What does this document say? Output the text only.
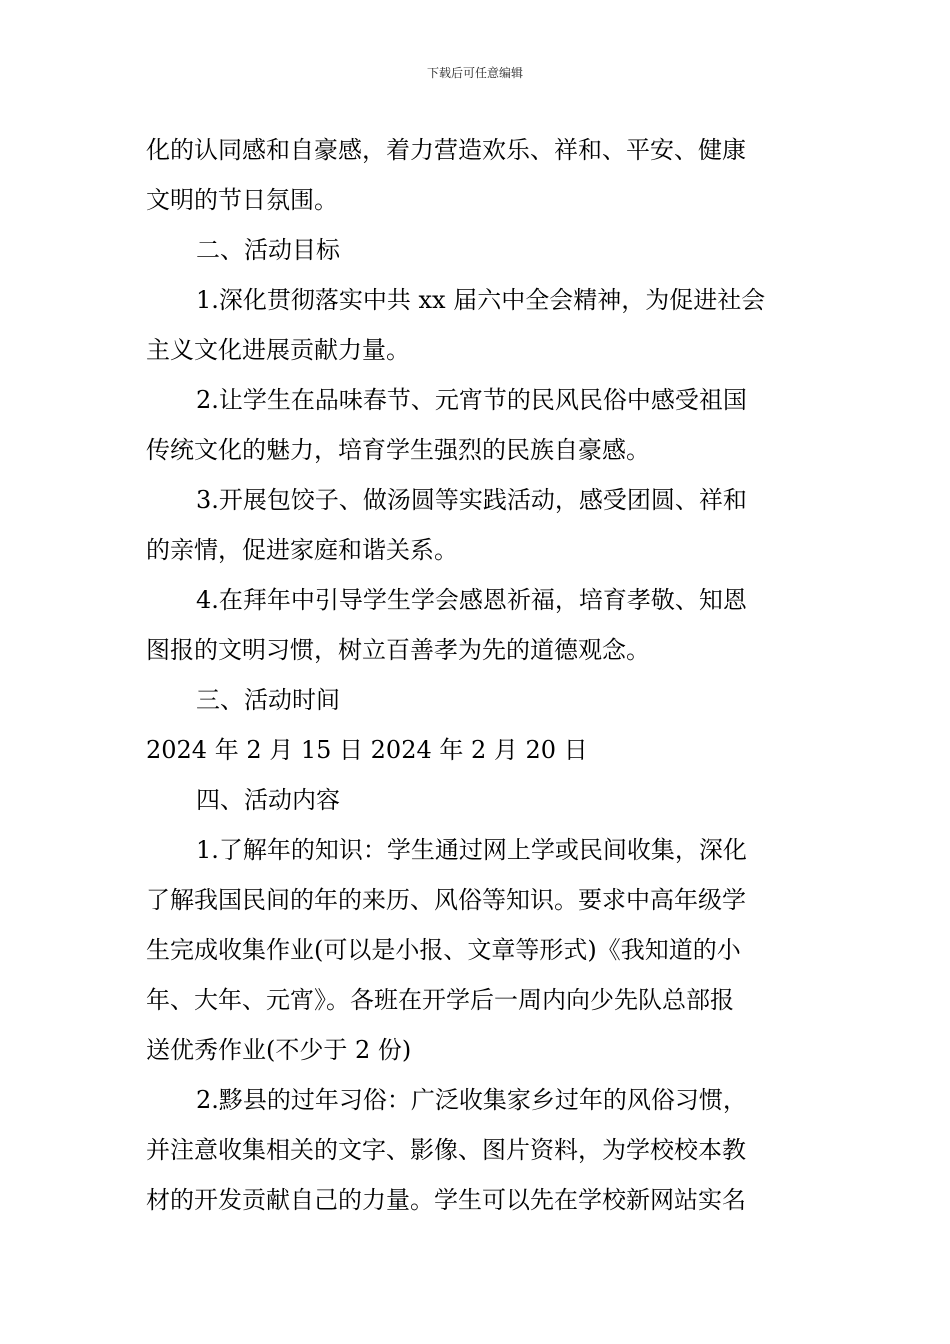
下载后可任意编辑
化的认同感和自豪感，着力营造欢乐、祥和、平安、健康
文明的节日氛围。
二、活动目标
1.深化贯彻落实中共 xx 届六中全会精神，为促进社会
主义文化进展贡献力量。
2.让学生在品味春节、元宵节的民风民俗中感受祖国
传统文化的魅力，培育学生强烈的民族自豪感。
3.开展包饺子、做汤圆等实践活动，感受团圆、祥和
的亲情，促进家庭和谐关系。
4.在拜年中引导学生学会感恩祈福，培育孝敬、知恩
图报的文明习惯，树立百善孝为先的道德观念。
三、活动时间
2024 年 2 月 15 日 2024 年 2 月 20 日
四、活动内容
1.了解年的知识：学生通过网上学或民间收集，深化
了解我国民间的年的来历、风俗等知识。要求中高年级学
生完成收集作业(可以是小报、文章等形式)《我知道的小
年、大年、元宵》。各班在开学后一周内向少先队总部报
送优秀作业(不少于 2 份)
2.黟县的过年习俗：广泛收集家乡过年的风俗习惯，
并注意收集相关的文字、影像、图片资料，为学校校本教
材的开发贡献自己的力量。学生可以先在学校新网站实名
